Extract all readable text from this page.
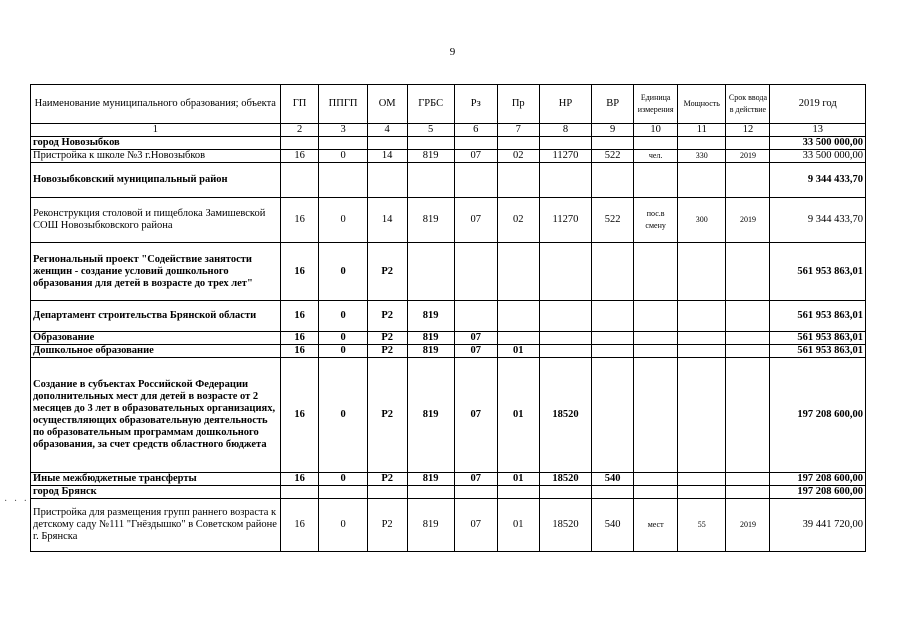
9
· · ·
Наименование муниципального образования; объекта	ГП	ППГП	ОМ	ГРБС	Рз	Пр	НР	ВР	Единица измерения	Мощность	Срок ввода в действие	2019 год
1	2	3	4	5	6	7	8	9	10	11	12	13
город Новозыбков												33 500 000,00
Пристройка к школе №3 г.Новозыбков	16	0	14	819	07	02	11270	522	чел.	330	2019	33 500 000,00
Новозыбковский муниципальный район												9 344 433,70
Реконструкция столовой и пищеблока Замишевской СОШ Новозыбковского района	16	0	14	819	07	02	11270	522	пос.в смену	300	2019	9 344 433,70
Региональный проект "Содействие занятости женщин - создание условий дошкольного образования для детей в возрасте до трех лет"	16	0	Р2									561 953 863,01
Департамент строительства Брянской области	16	0	Р2	819								561 953 863,01
Образование	16	0	Р2	819	07							561 953 863,01
Дошкольное образование	16	0	Р2	819	07	01						561 953 863,01
Создание в субъектах Российской Федерации дополнительных мест для детей в возрасте от 2 месяцев до 3 лет в образовательных организациях, осуществляющих образовательную деятельность по образовательным программам дошкольного образования, за счет средств областного бюджета	16	0	Р2	819	07	01	18520					197 208 600,00
Иные межбюджетные трансферты	16	0	Р2	819	07	01	18520	540				197 208 600,00
город Брянск												197 208 600,00
Пристройка для размещения групп раннего возраста к детскому саду №111 "Гнёздышко" в Советском районе г. Брянска	16	0	Р2	819	07	01	18520	540	мест	55	2019	39 441 720,00
